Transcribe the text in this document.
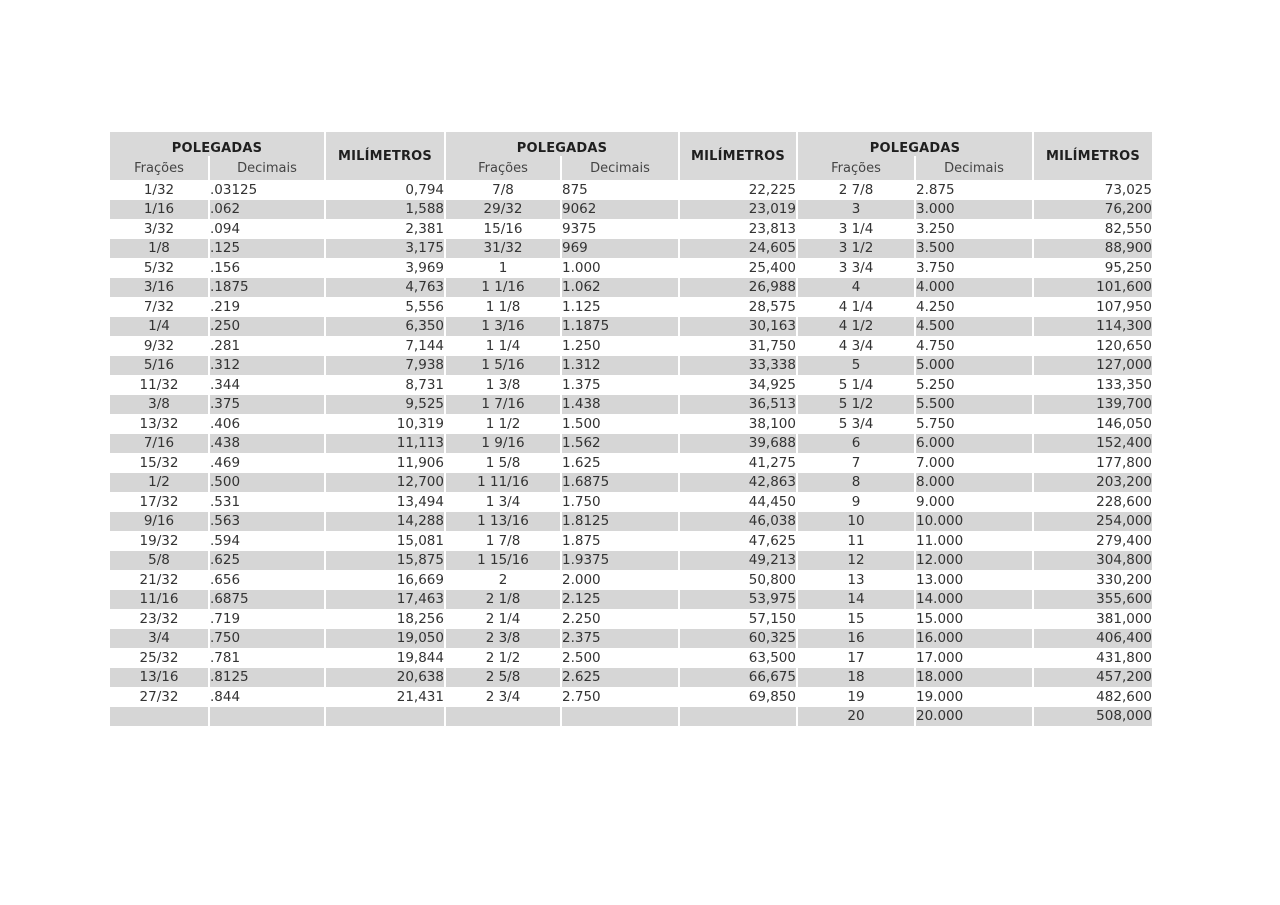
POLEGADAS		MILÍMETROS	POLEGADAS		MILÍMETROS	POLEGADAS		MILÍMETROS
Frações	Decimais		Frações	Decimais		Frações	Decimais	
1/32	.03125	0,794	7/8	875	22,225	2 7/8	2.875	73,025
1/16	.062	1,588	29/32	9062	23,019	3	3.000	76,200
3/32	.094	2,381	15/16	9375	23,813	3 1/4	3.250	82,550
1/8	.125	3,175	31/32	969	24,605	3 1/2	3.500	88,900
5/32	.156	3,969	1	1.000	25,400	3 3/4	3.750	95,250
3/16	.1875	4,763	1 1/16	1.062	26,988	4	4.000	101,600
7/32	.219	5,556	1 1/8	1.125	28,575	4 1/4	4.250	107,950
1/4	.250	6,350	1 3/16	1.1875	30,163	4 1/2	4.500	114,300
9/32	.281	7,144	1 1/4	1.250	31,750	4 3/4	4.750	120,650
5/16	.312	7,938	1 5/16	1.312	33,338	5	5.000	127,000
11/32	.344	8,731	1 3/8	1.375	34,925	5 1/4	5.250	133,350
3/8	.375	9,525	1 7/16	1.438	36,513	5 1/2	5.500	139,700
13/32	.406	10,319	1 1/2	1.500	38,100	5 3/4	5.750	146,050
7/16	.438	11,113	1 9/16	1.562	39,688	6	6.000	152,400
15/32	.469	11,906	1 5/8	1.625	41,275	7	7.000	177,800
1/2	.500	12,700	1 11/16	1.6875	42,863	8	8.000	203,200
17/32	.531	13,494	1 3/4	1.750	44,450	9	9.000	228,600
9/16	.563	14,288	1 13/16	1.8125	46,038	10	10.000	254,000
19/32	.594	15,081	1 7/8	1.875	47,625	11	11.000	279,400
5/8	.625	15,875	1 15/16	1.9375	49,213	12	12.000	304,800
21/32	.656	16,669	2	2.000	50,800	13	13.000	330,200
11/16	.6875	17,463	2 1/8	2.125	53,975	14	14.000	355,600
23/32	.719	18,256	2 1/4	2.250	57,150	15	15.000	381,000
3/4	.750	19,050	2 3/8	2.375	60,325	16	16.000	406,400
25/32	.781	19,844	2 1/2	2.500	63,500	17	17.000	431,800
13/16	.8125	20,638	2 5/8	2.625	66,675	18	18.000	457,200
27/32	.844	21,431	2 3/4	2.750	69,850	19	19.000	482,600
						20	20.000	508,000
